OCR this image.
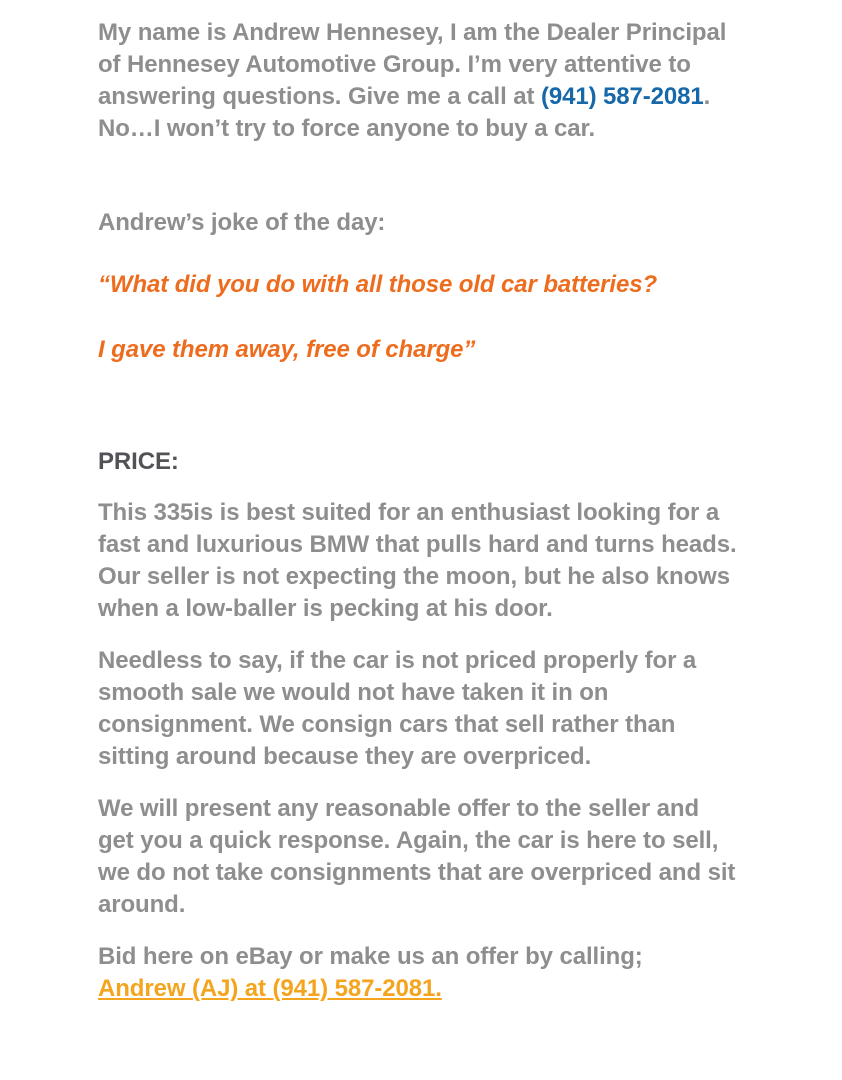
My name is Andrew Hennesey, I am the Dealer Principal of Hennesey Automotive Group. I’m very attentive to answering questions. Give me a call at (941) 587-2081. No…I won’t try to force anyone to buy a car.

Andrew’s joke of the day:

“What did you do with all those old car batteries?

I gave them away, free of charge”

PRICE:

This 335is is best suited for an enthusiast looking for a fast and luxurious BMW that pulls hard and turns heads. Our seller is not expecting the moon, but he also knows when a low-baller is pecking at his door.

Needless to say, if the car is not priced properly for a smooth sale we would not have taken it in on consignment. We consign cars that sell rather than sitting around because they are overpriced.

We will present any reasonable offer to the seller and get you a quick response. Again, the car is here to sell, we do not take consignments that are overpriced and sit around.

Bid here on eBay or make us an offer by calling;
Andrew (AJ) at (941) 587-2081.
